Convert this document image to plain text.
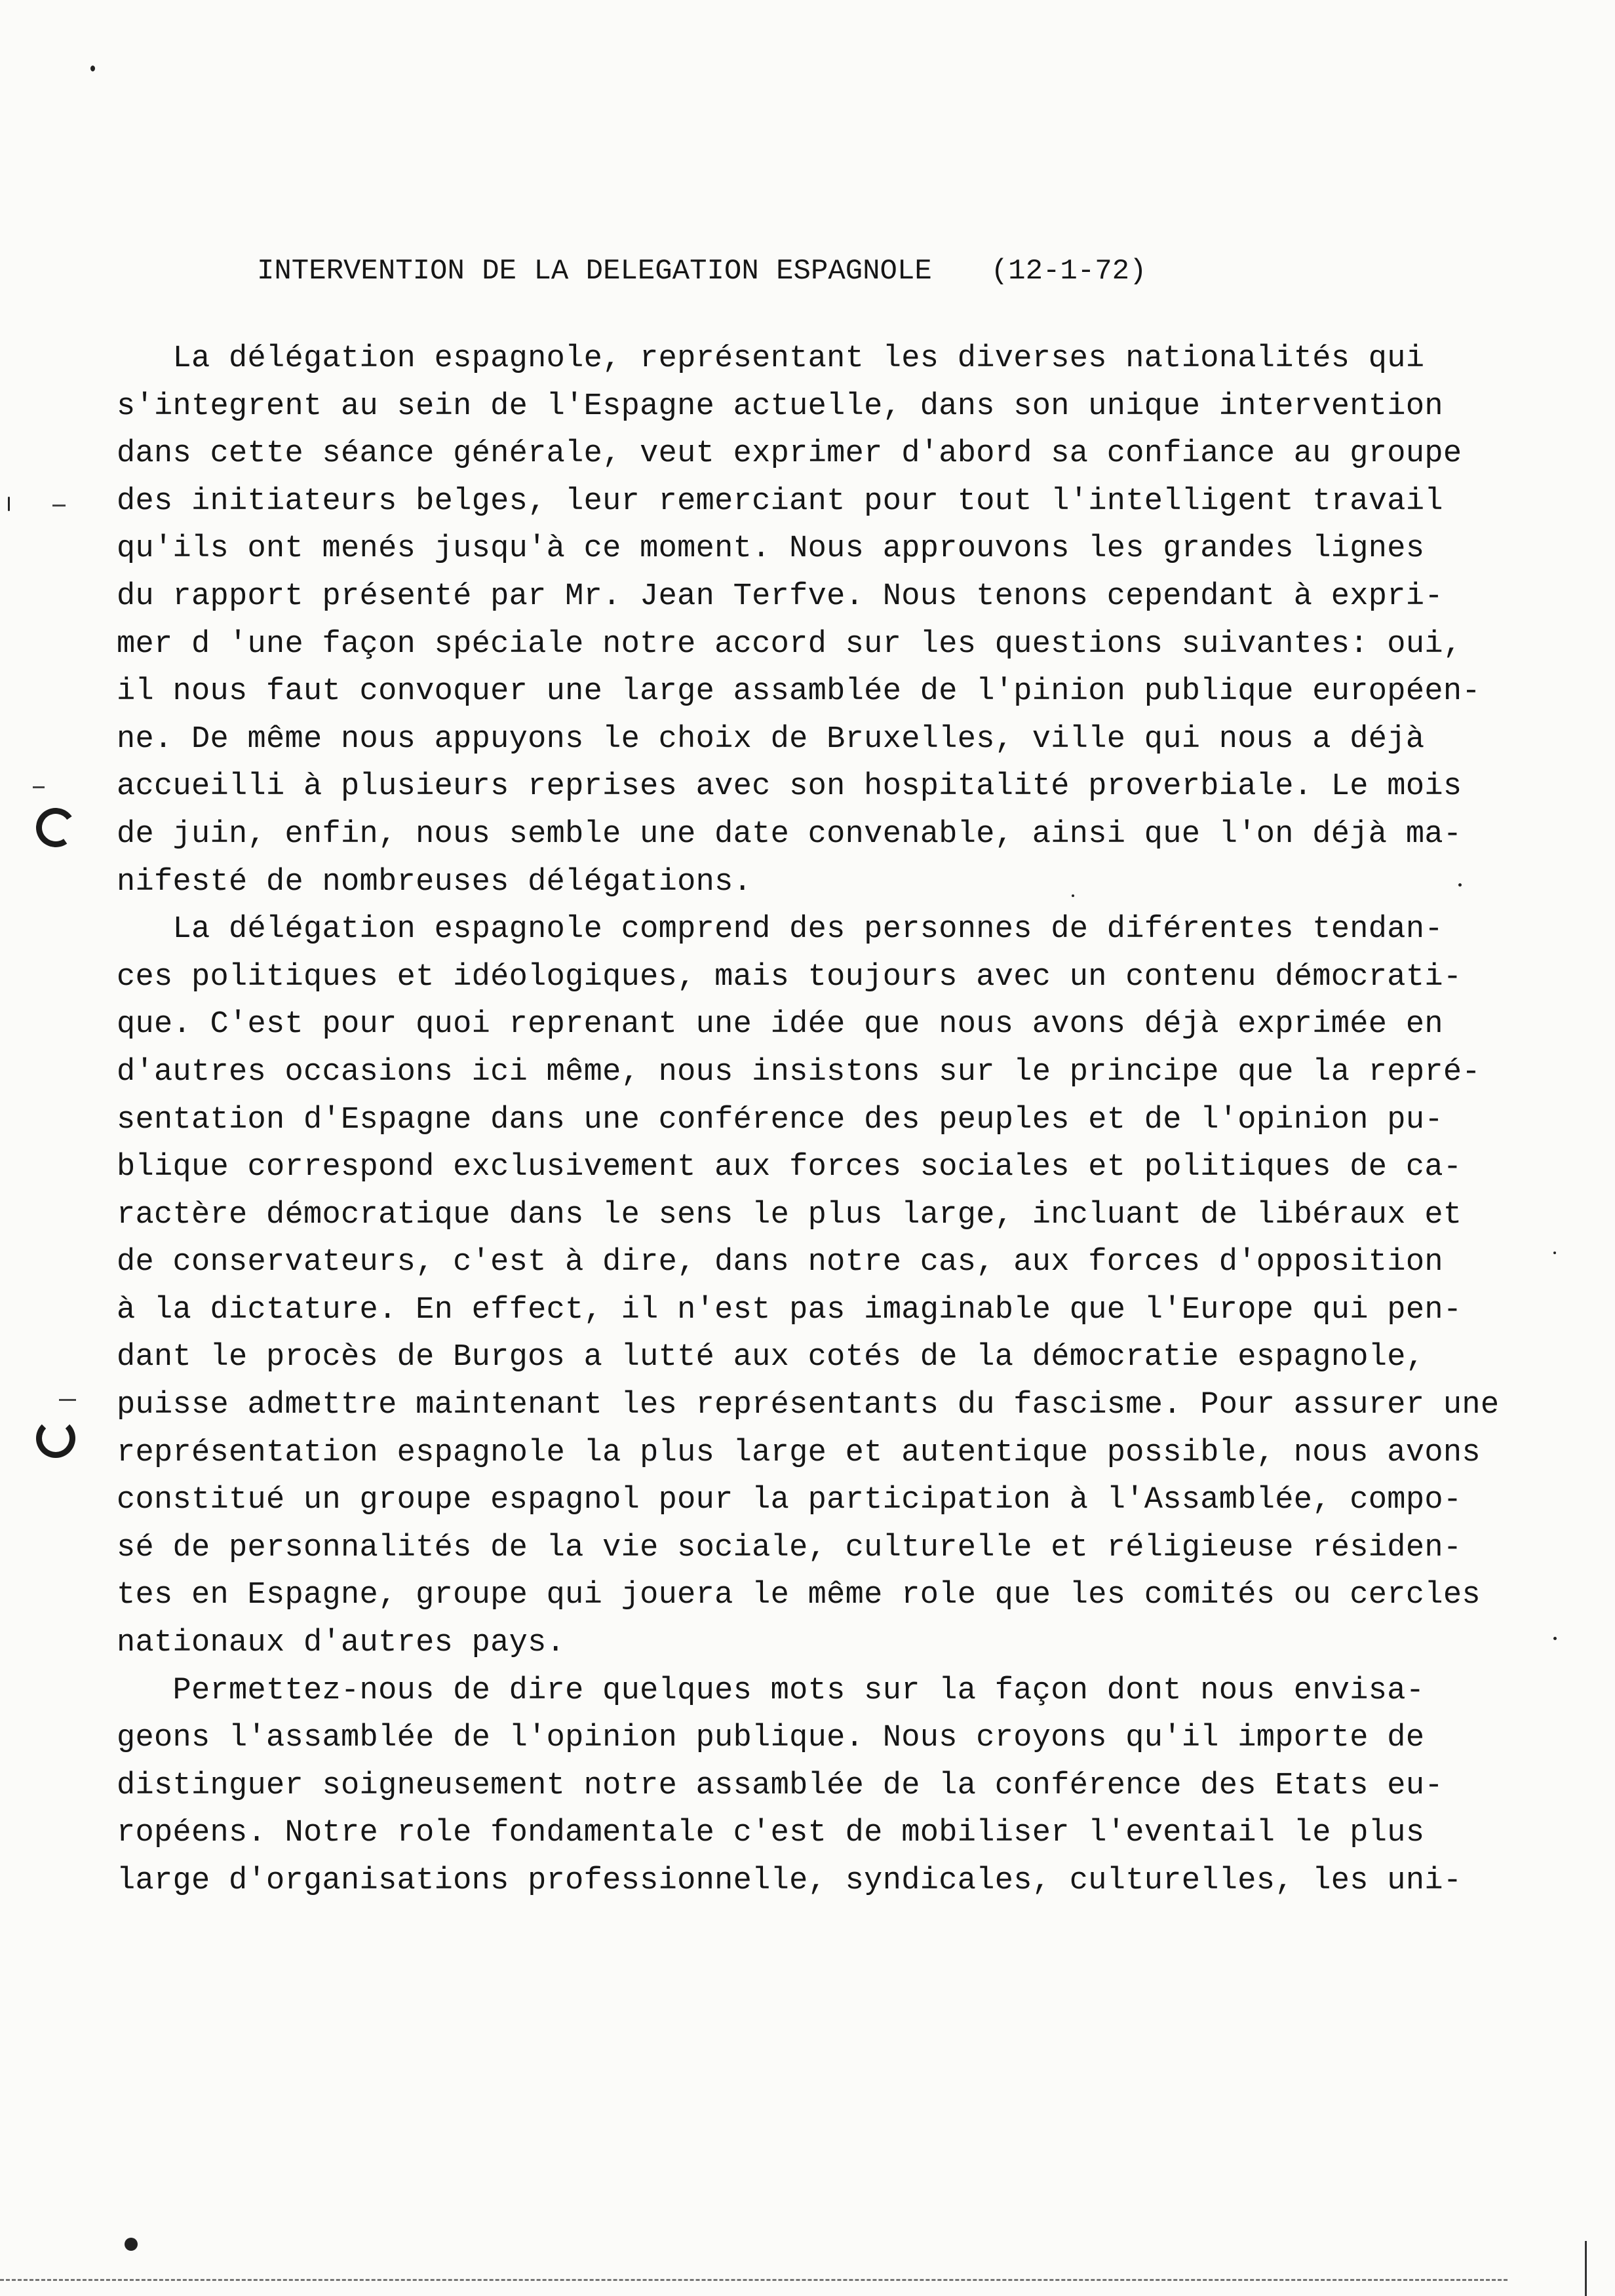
INTERVENTION DE LA DELEGATION ESPAGNOLE (12-1-72)
La délégation espagnole, représentant les diverses nationalités qui
s'integrent au sein de l'Espagne actuelle, dans son unique intervention
dans cette séance générale, veut exprimer d'abord sa confiance au groupe
des initiateurs belges, leur remerciant pour tout l'intelligent travail
qu'ils ont menés jusqu'à ce moment. Nous approuvons les grandes lignes
du rapport présenté par Mr. Jean Terfve. Nous tenons cependant à expri-
mer d 'une façon spéciale notre accord sur les questions suivantes: oui,
il nous faut convoquer une large assamblée de l'pinion publique européen-
ne. De même nous appuyons le choix de Bruxelles, ville qui nous a déjà
accueilli à plusieurs reprises avec son hospitalité proverbiale. Le mois
de juin, enfin, nous semble une date convenable, ainsi que l'on déjà ma-
nifesté de nombreuses délégations.
La délégation espagnole comprend des personnes de diférentes tendan-
ces politiques et idéologiques, mais toujours avec un contenu démocrati-
que. C'est pour quoi reprenant une idée que nous avons déjà exprimée en
d'autres occasions ici même, nous insistons sur le principe que la repré-
sentation d'Espagne dans une conférence des peuples et de l'opinion pu-
blique correspond exclusivement aux forces sociales et politiques de ca-
ractère démocratique dans le sens le plus large, incluant de libéraux et
de conservateurs, c'est à dire, dans notre cas, aux forces d'opposition
à la dictature. En effect, il n'est pas imaginable que l'Europe qui pen-
dant le procès de Burgos a lutté aux cotés de la démocratie espagnole,
puisse admettre maintenant les représentants du fascisme. Pour assurer une
représentation espagnole la plus large et autentique possible, nous avons
constitué un groupe espagnol pour la participation à l'Assamblée, compo-
sé de personnalités de la vie sociale, culturelle et réligieuse résiden-
tes en Espagne, groupe qui jouera le même role que les comités ou cercles
nationaux d'autres pays.
Permettez-nous de dire quelques mots sur la façon dont nous envisa-
geons l'assamblée de l'opinion publique. Nous croyons qu'il importe de
distinguer soigneusement notre assamblée de la conférence des Etats eu-
ropéens. Notre role fondamentale c'est de mobiliser l'eventail le plus
large d'organisations professionnelle, syndicales, culturelles, les uni-
